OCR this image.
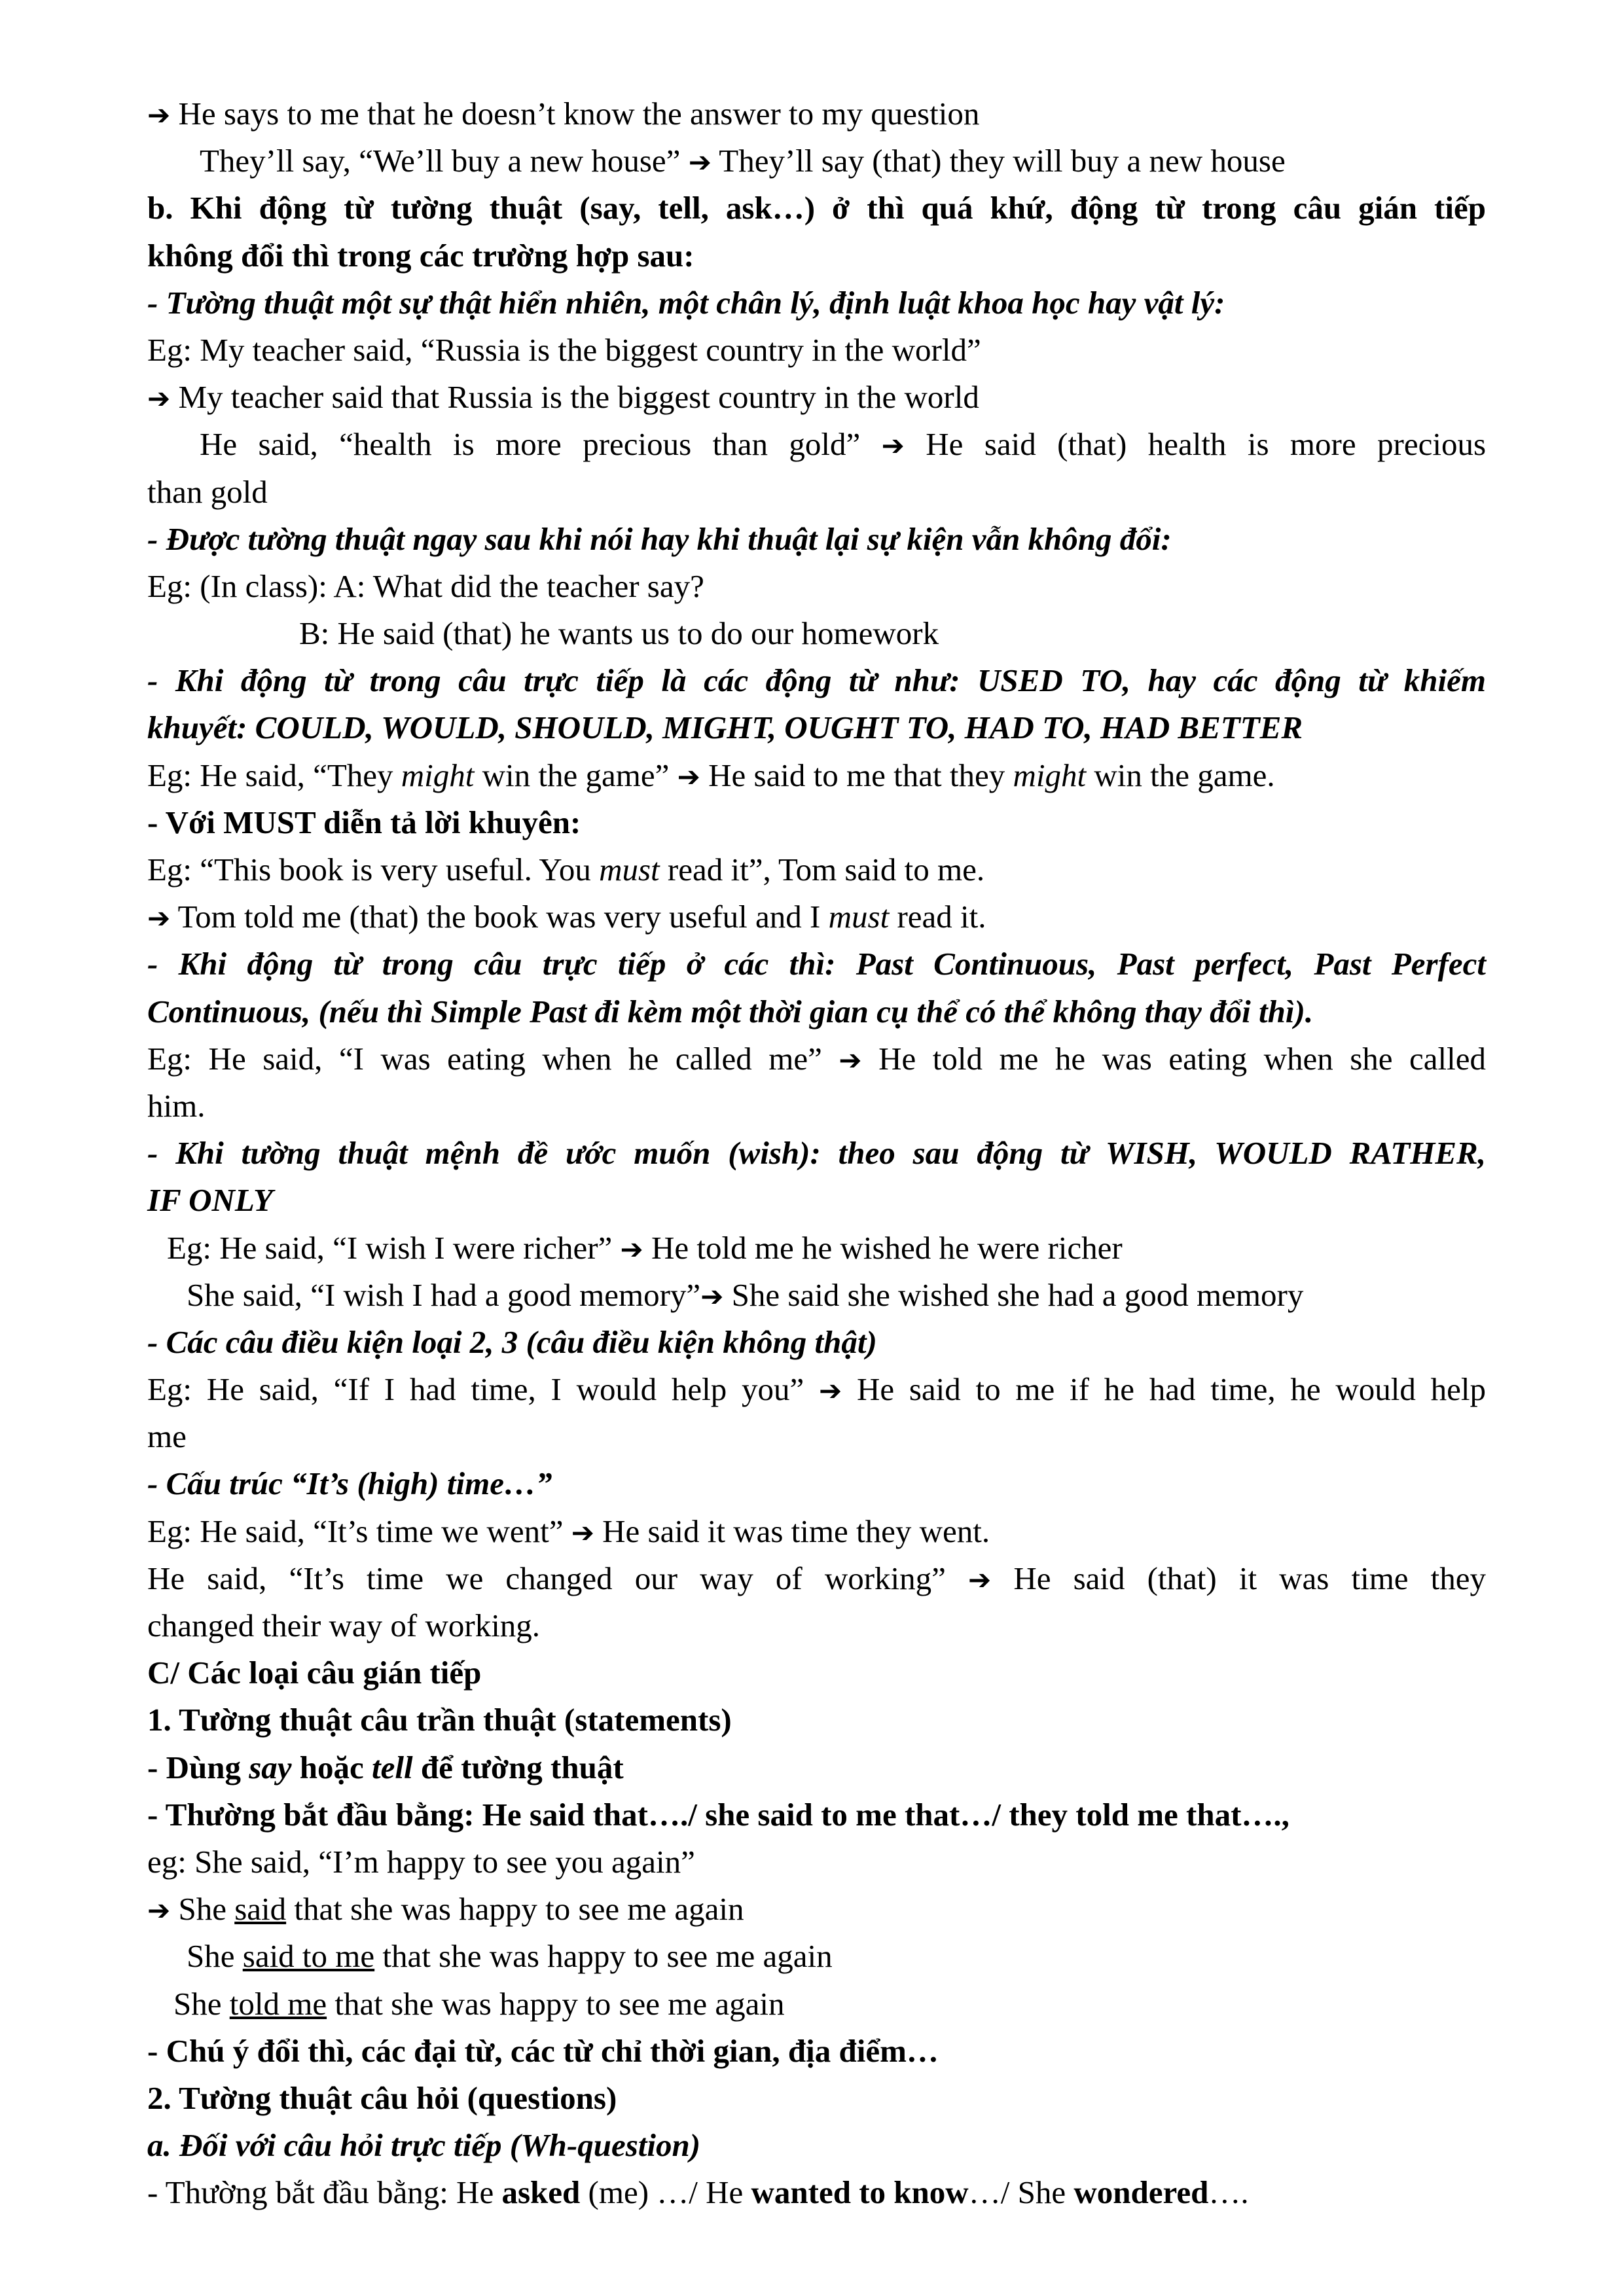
➔ He says to me that he doesn’t know the answer to my question
They’ll say, “We’ll buy a new house” ➔ They’ll say (that) they will buy a new house
b. Khi động từ tường thuật (say, tell, ask…) ở thì quá khứ, động từ trong câu gián tiếp
không đổi thì trong các trường hợp sau:
- Tường thuật một sự thật hiển nhiên, một chân lý, định luật khoa học hay vật lý:
Eg: My teacher said, “Russia is the biggest country in the world”
➔ My teacher said that Russia is the biggest country in the world
He said, “health is more precious than gold” ➔ He said (that) health is more precious
than gold
- Được tường thuật ngay sau khi nói hay khi thuật lại sự kiện vẫn không đổi:
Eg: (In class): A: What did the teacher say?
B: He said (that) he wants us to do our homework
- Khi động từ trong câu trực tiếp là các động từ như: USED TO, hay các động từ khiếm
khuyết: COULD, WOULD, SHOULD, MIGHT, OUGHT TO, HAD TO, HAD BETTER
Eg: He said, “They might win the game” ➔ He said to me that they might win the game.
- Với MUST diễn tả lời khuyên:
Eg: “This book is very useful. You must read it”, Tom said to me.
➔ Tom told me (that) the book was very useful and I must read it.
- Khi động từ trong câu trực tiếp ở các thì: Past Continuous, Past perfect, Past Perfect
Continuous, (nếu thì Simple Past đi kèm một thời gian cụ thể có thể không thay đổi thì).
Eg: He said, “I was eating when he called me” ➔ He told me he was eating when she called
him.
- Khi tường thuật mệnh đề ước muốn (wish): theo sau động từ WISH, WOULD RATHER,
IF ONLY
Eg: He said, “I wish I were richer” ➔ He told me he wished he were richer
She said, “I wish I had a good memory”➔ She said she wished she had a good memory
- Các câu điều kiện loại 2, 3 (câu điều kiện không thật)
Eg: He said, “If I had time, I would help you” ➔ He said to me if he had time, he would help
me
- Cấu trúc “It’s (high) time…”
Eg: He said, “It’s time we went” ➔ He said it was time they went.
He said, “It’s time we changed our way of working” ➔ He said (that) it was time they
changed their way of working.
C/ Các loại câu gián tiếp
1. Tường thuật câu trần thuật (statements)
- Dùng say hoặc tell để tường thuật
- Thường bắt đầu bằng: He said that…./ she said to me that…/ they told me that….,
eg: She said, “I’m happy to see you again”
➔ She said that she was happy to see me again
She said to me that she was happy to see me again
She told me that she was happy to see me again
- Chú ý đổi thì, các đại từ, các từ chỉ thời gian, địa điểm…
2. Tường thuật câu hỏi (questions)
a. Đối với câu hỏi trực tiếp (Wh-question)
- Thường bắt đầu bằng: He asked (me) …/ He wanted to know…/ She wondered….
